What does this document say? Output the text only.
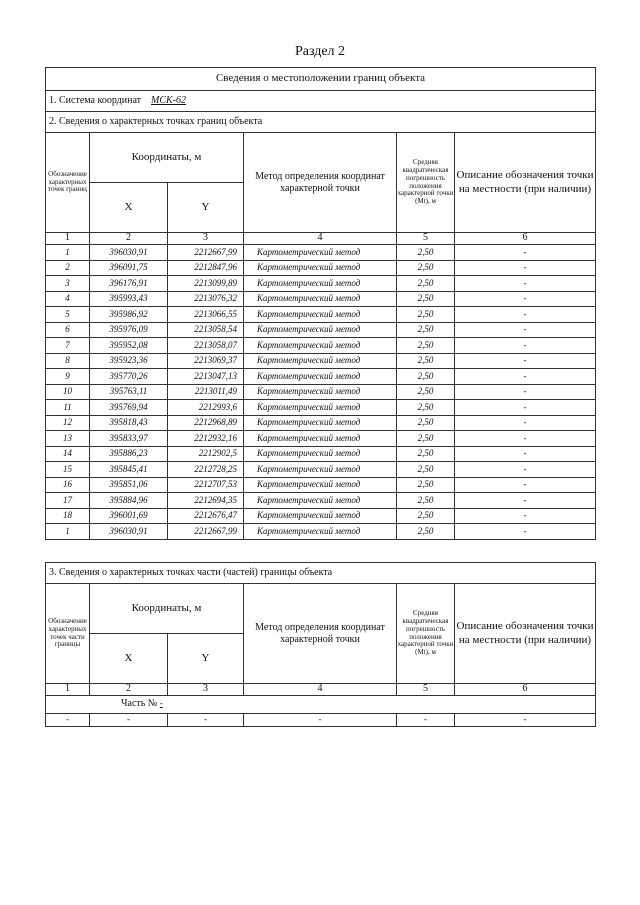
Раздел 2
Сведения о местоположении границ объекта					
1. Система координат МСК-62					
2. Сведения о характерных точках границ объекта					
Обозначение характерных точек границ	Координаты, м		Метод определения координат характерной точки	Средняя квадратическая погрешность положения характерной точки (Mt), м	Описание обозначения точки на местности (при наличии)
	X	Y			
1	2	3	4	5	6
1	396030,91	2212667,99	Картометрический метод	2,50	-
2	396091,75	2212847,96	Картометрический метод	2,50	-
3	396176,91	2213099,89	Картометрический метод	2,50	-
4	395993,43	2213076,32	Картометрический метод	2,50	-
5	395986,92	2213066,55	Картометрический метод	2,50	-
6	395976,09	2213058,54	Картометрический метод	2,50	-
7	395952,08	2213058,07	Картометрический метод	2,50	-
8	395923,36	2213069,37	Картометрический метод	2,50	-
9	395770,26	2213047,13	Картометрический метод	2,50	-
10	395763,11	2213011,49	Картометрический метод	2,50	-
11	395769,94	2212993,6	Картометрический метод	2,50	-
12	395818,43	2212968,89	Картометрический метод	2,50	-
13	395833,97	2212932,16	Картометрический метод	2,50	-
14	395886,23	2212902,5	Картометрический метод	2,50	-
15	395845,41	2212728,25	Картометрический метод	2,50	-
16	395851,06	2212707,53	Картометрический метод	2,50	-
17	395884,96	2212694,35	Картометрический метод	2,50	-
18	396001,69	2212676,47	Картометрический метод	2,50	-
1	396030,91	2212667,99	Картометрический метод	2,50	-
3. Сведения о характерных точках части (частей) границы объекта					
Обозначение характерных точек части границы	Координаты, м		Метод определения координат характерной точки	Средняя квадратическая погрешность положения характерной точки (Mt), м	Описание обозначения точки на местности (при наличии)
	X	Y			
1	2	3	4	5	6
Часть № -					
-	-	-	-	-	-
